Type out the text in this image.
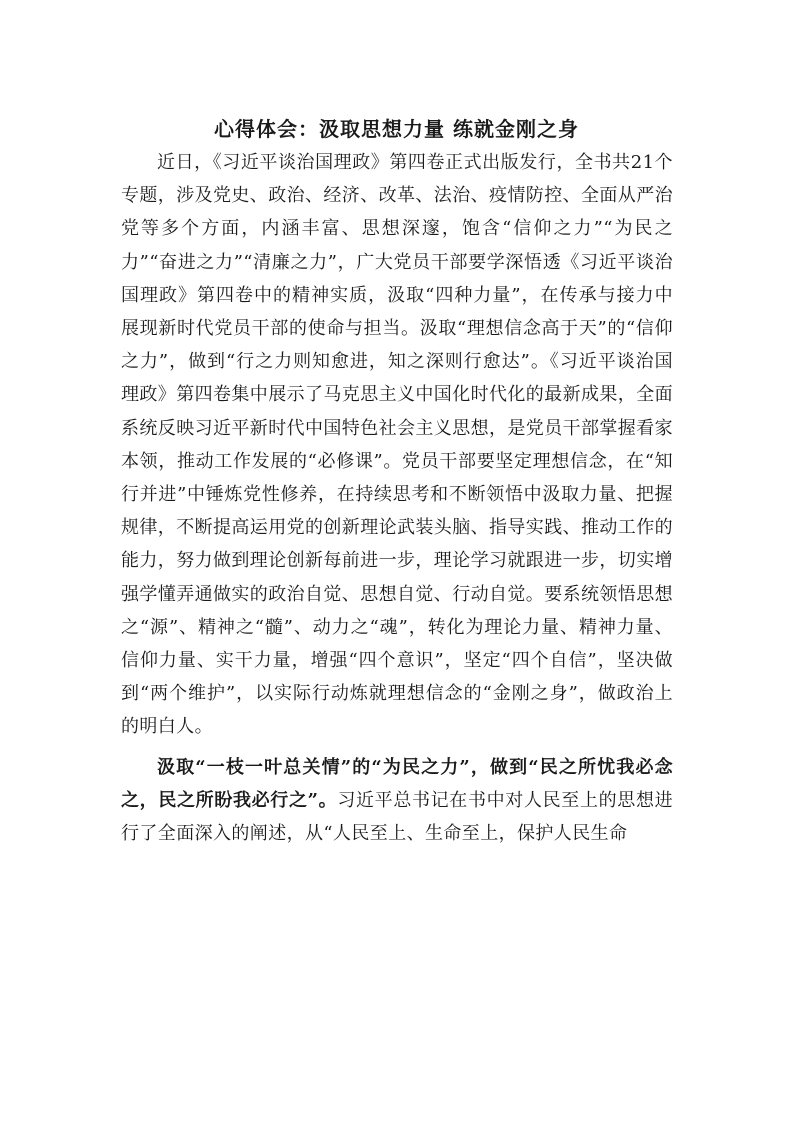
心得体会：汲取思想力量 练就金刚之身

近日，《习近平谈治国理政》第四卷正式出版发行，全书共21个专题，涉及党史、政治、经济、改革、法治、疫情防控、全面从严治党等多个方面，内涵丰富、思想深邃，饱含“信仰之力”“为民之力”“奋进之力”“清廉之力”，广大党员干部要学深悟透《习近平谈治国理政》第四卷中的精神实质，汲取“四种力量”，在传承与接力中展现新时代党员干部的使命与担当。汲取“理想信念高于天”的“信仰之力”，做到“行之力则知愈进，知之深则行愈达”。《习近平谈治国理政》第四卷集中展示了马克思主义中国化时代化的最新成果，全面系统反映习近平新时代中国特色社会主义思想，是党员干部掌握看家本领，推动工作发展的“必修课”。党员干部要坚定理想信念，在“知行并进”中锤炼党性修养，在持续思考和不断领悟中汲取力量、把握规律，不断提高运用党的创新理论武装头脑、指导实践、推动工作的能力，努力做到理论创新每前进一步，理论学习就跟进一步，切实增强学懂弄通做实的政治自觉、思想自觉、行动自觉。要系统领悟思想之“源”、精神之“髓”、动力之“魂”，转化为理论力量、精神力量、信仰力量、实干力量，增强“四个意识”，坚定“四个自信”，坚决做到“两个维护”，以实际行动炼就理想信念的“金刚之身”，做政治上的明白人。

汲取“一枝一叶总关情”的“为民之力”，做到“民之所忧我必念之，民之所盼我必行之”。习近平总书记在书中对人民至上的思想进行了全面深入的阐述，从“人民至上、生命至上，保护人民生命
